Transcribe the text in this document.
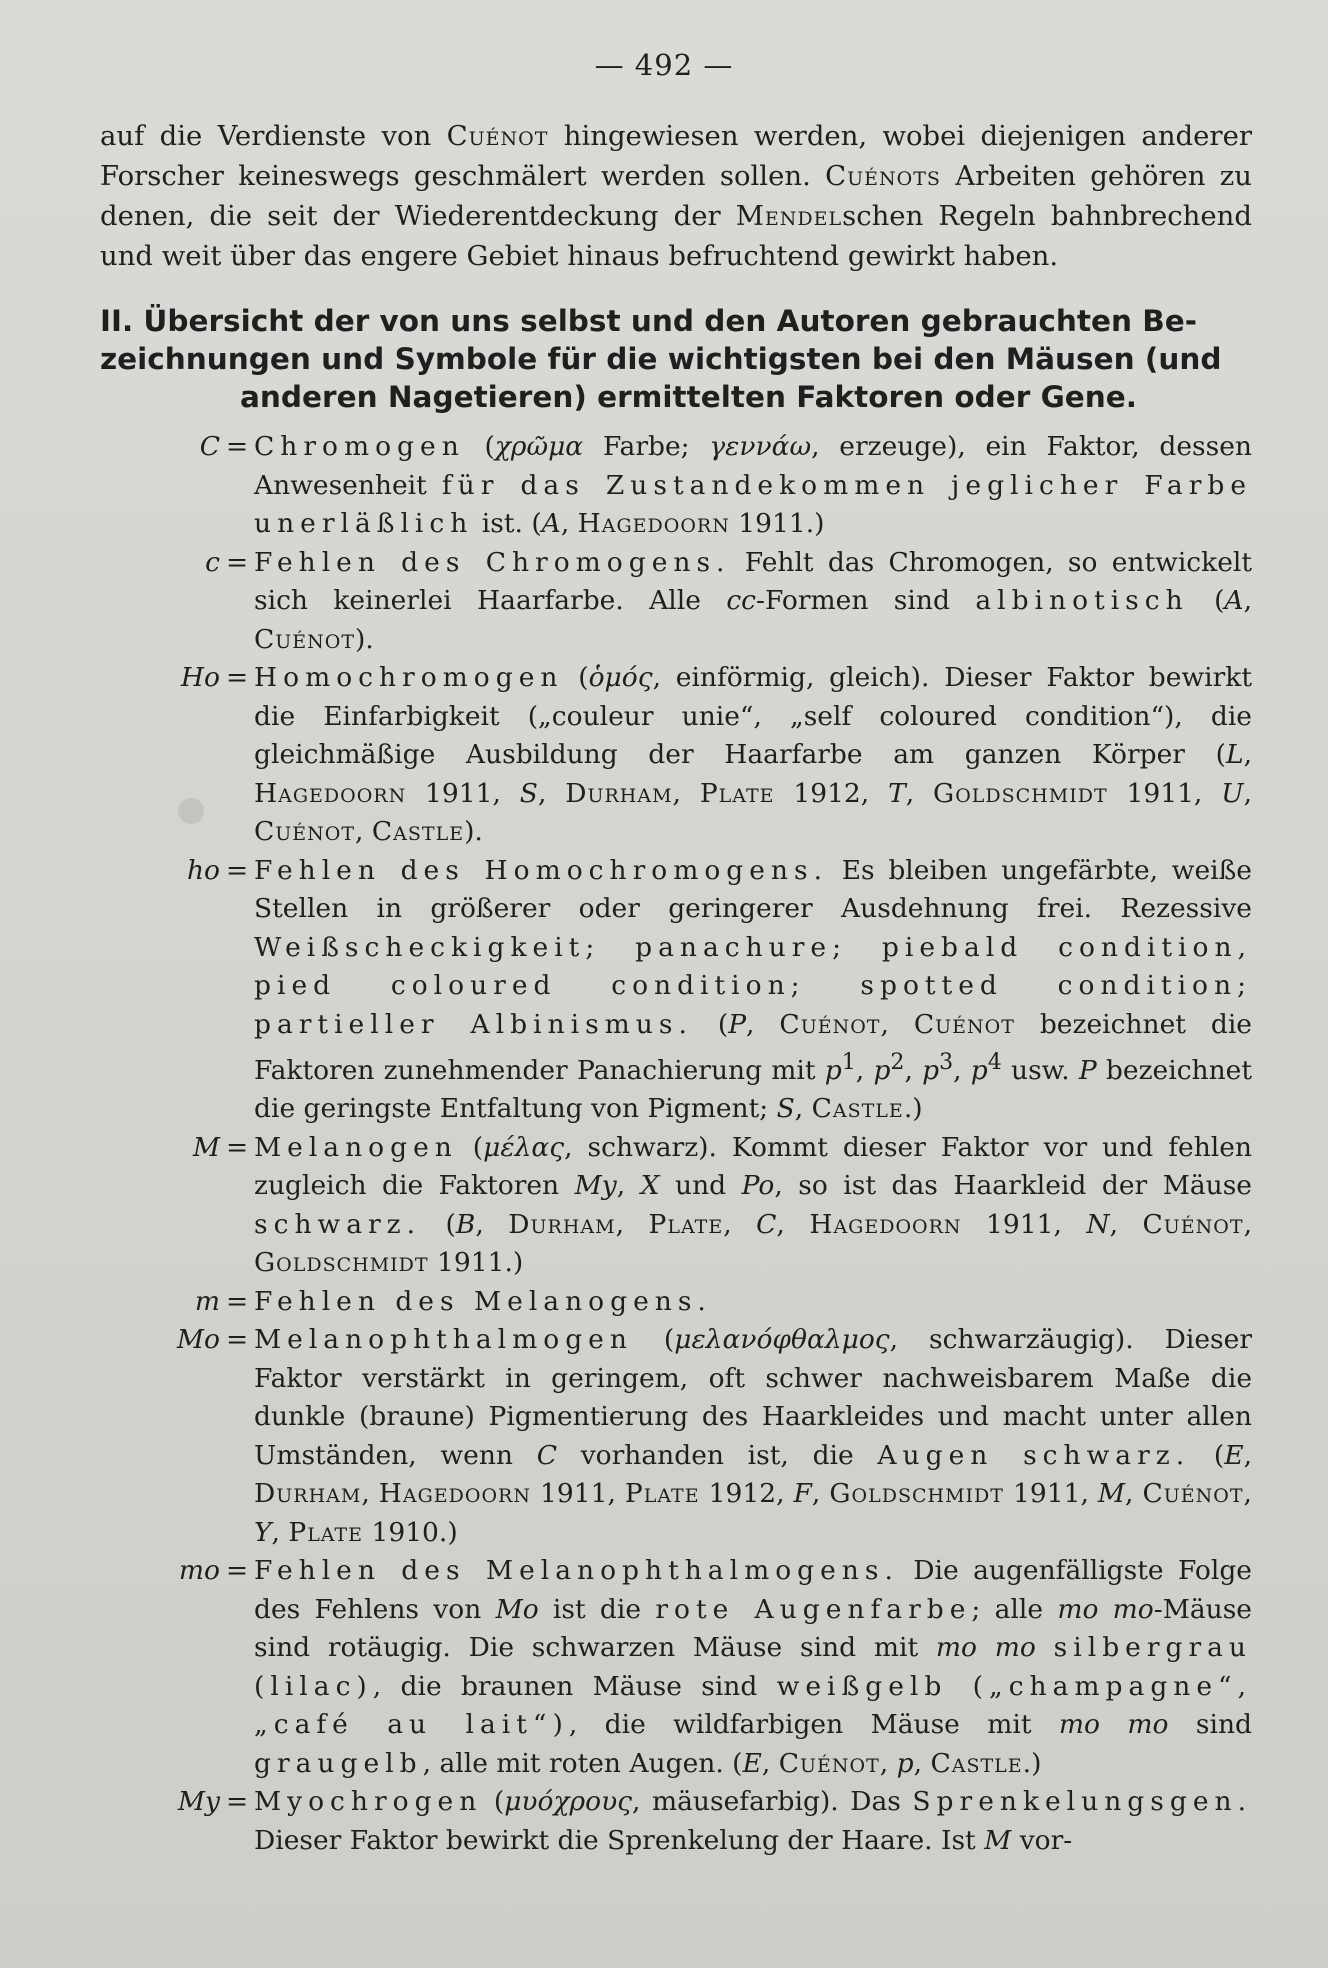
— 492 —

auf die Verdienste von Cuénot hingewiesen werden, wobei diejenigen anderer Forscher keineswegs geschmälert werden sollen. Cuénots Arbeiten gehören zu denen, die seit der Wiederentdeckung der Mendelschen Regeln bahnbrechend und weit über das engere Gebiet hinaus befruchtend gewirkt haben.

II. Übersicht der von uns selbst und den Autoren gebrauchten Be-
zeichnungen und Symbole für die wichtigsten bei den Mäusen (und
anderen Nagetieren) ermittelten Faktoren oder Gene.
C = Chromogen (χρῶμα Farbe; γεννάω, erzeuge), ein Faktor, dessen Anwesenheit für das Zustandekommen jeglicher Farbe unerläßlich ist. (A, Hagedoorn 1911.)
c = Fehlen des Chromogens. Fehlt das Chromogen, so entwickelt sich keinerlei Haarfarbe. Alle cc-Formen sind albinotisch (A, Cuénot).
Ho = Homochromogen (ὁμός, einförmig, gleich). Dieser Faktor bewirkt die Einfarbigkeit („couleur unie“, „self coloured condition“), die gleichmäßige Ausbildung der Haarfarbe am ganzen Körper (L, Hagedoorn 1911, S, Durham, Plate 1912, T, Goldschmidt 1911, U, Cuénot, Castle).
ho = Fehlen des Homochromogens. Es bleiben ungefärbte, weiße Stellen in größerer oder geringerer Ausdehnung frei. Rezessive Weißscheckigkeit; panachure; piebald condition, pied coloured condition; spotted condition; partieller Albinismus. (P, Cuénot, Cuénot bezeichnet die Faktoren zunehmender Panachierung mit $p^1$, $p^2$, $p^3$, $p^4$ usw. P bezeichnet die geringste Entfaltung von Pigment; S, Castle.)
M = Melanogen (μέλας, schwarz). Kommt dieser Faktor vor und fehlen zugleich die Faktoren My, X und Po, so ist das Haarkleid der Mäuse schwarz. (B, Durham, Plate, C, Hagedoorn 1911, N, Cuénot, Goldschmidt 1911.)
m = Fehlen des Melanogens.
Mo = Melanophthalmogen (μελανόφθαλμος, schwarzäugig). Dieser Faktor verstärkt in geringem, oft schwer nachweisbarem Maße die dunkle (braune) Pigmentierung des Haarkleides und macht unter allen Umständen, wenn C vorhanden ist, die Augen schwarz. (E, Durham, Hagedoorn 1911, Plate 1912, F, Goldschmidt 1911, M, Cuénot, Y, Plate 1910.)
mo = Fehlen des Melanophthalmogens. Die augenfälligste Folge des Fehlens von Mo ist die rote Augenfarbe; alle mo mo-Mäuse sind rotäugig. Die schwarzen Mäuse sind mit mo mo silbergrau (lilac), die braunen Mäuse sind weißgelb („champagne“, „café au lait“), die wildfarbigen Mäuse mit mo mo sind graugelb, alle mit roten Augen. (E, Cuénot, p, Castle.)
My = Myochrogen (μυόχρους, mäusefarbig). Das Sprenkelungsgen. Dieser Faktor bewirkt die Sprenkelung der Haare. Ist M vor-
